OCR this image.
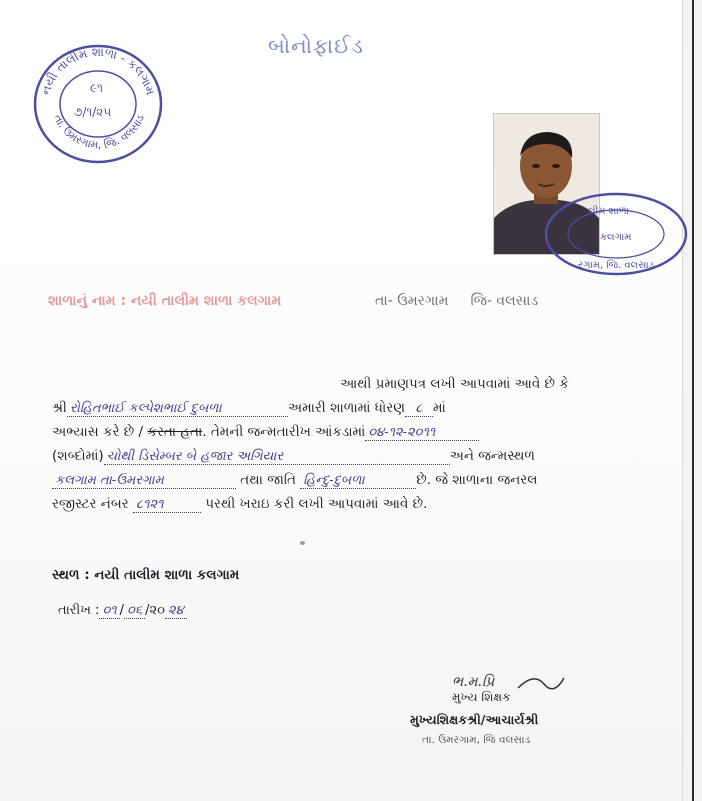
નયી તાલીમ શાળા - કલગામ
તા. ઉમરગામ, જિ. વલસાડ
૯૧
૭/૧/૨૫
બોનોફાઈડ
લીમ શાળા
કલગામ
રગામ, જિ. વલસાડ
શાળાનું નામ : નયી તાલીમ શાળા કલગામ	તા- ઉમરગામ જિ- વલસાડ
આથી પ્રમાણપત્ર લખી આપવામાં આવે છે કે
શ્રી રોહિતભાઈ કલ્પેશભાઈ દુબળા	અમારી શાળામાં ધોરણ ૮ માં
અભ્યાસ કરે છે / કરતા હતા. તેમની જન્મતારીખ આંકડામાં ૦૪-૧૨-૨૦૧૧
(શબ્દોમાં) ચોથી ડિસેમ્બર બે હજાર અગિયાર	અને જન્મસ્થળ
કલગામ તા-ઉમરગામ	તથા જાતિ હિન્દુ-દુબળા	છે. જે શાળાના જનરલ
રજીસ્ટર નંબર ૮૧૨૧	પરથી ખરાઇ કરી લખી આપવામાં આવે છે.
સ્થળ : નયી તાલીમ શાળા કલગામ
તારીખ : ૦૧ / ૦૬ /૨૦ ૨૪
ભ.મ.પ્રિ
મુખ્ય શિક્ષક
મુખ્યશિક્ષકશ્રી/આચાર્યશ્રી
તા. ઉમરગામ, જિ વલસાડ
